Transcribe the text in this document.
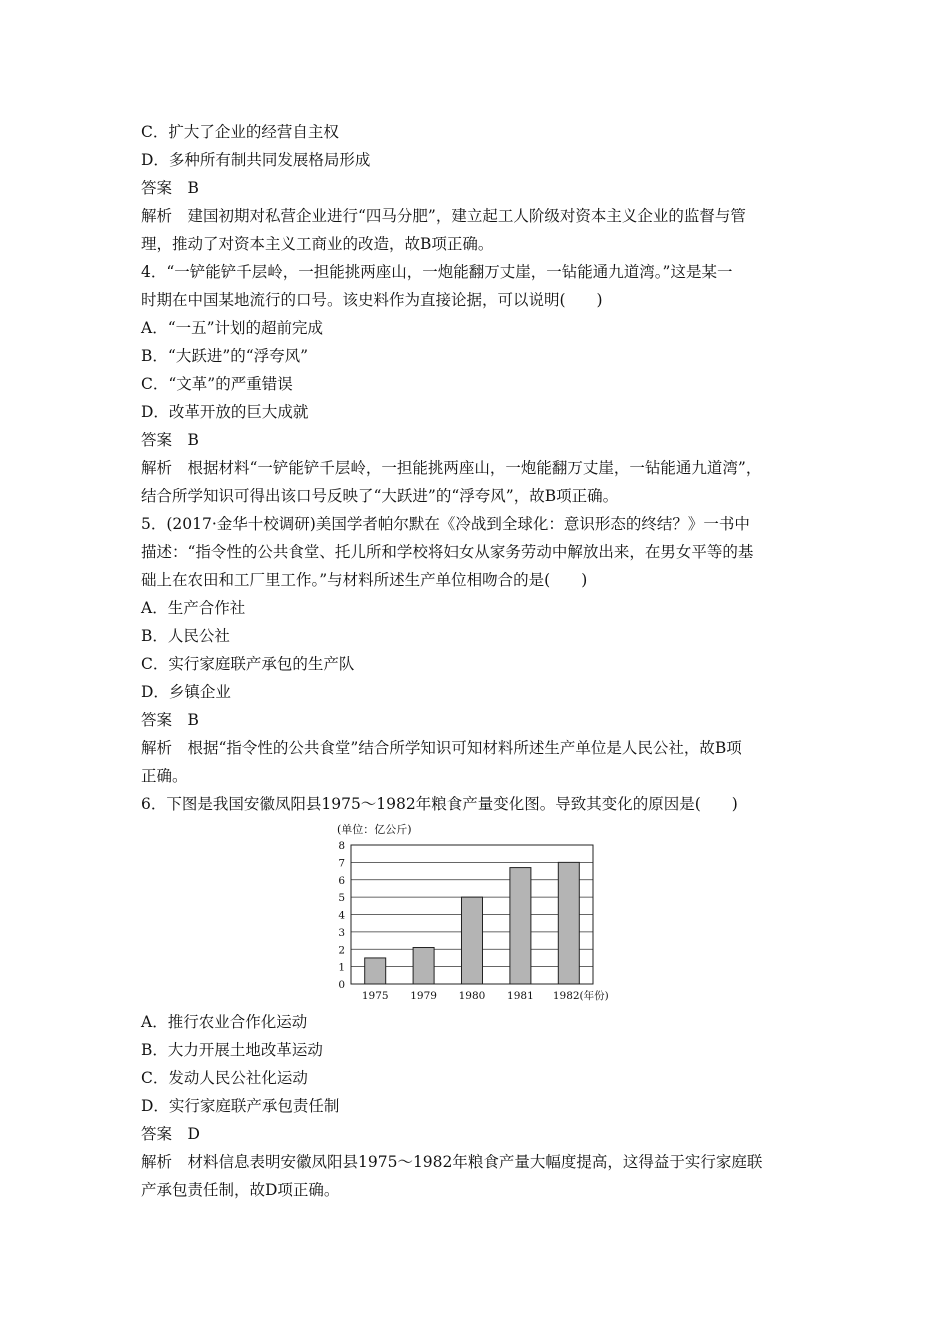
C．扩大了企业的经营自主权
D．多种所有制共同发展格局形成
答案　B
解析　建国初期对私营企业进行“四马分肥”，建立起工人阶级对资本主义企业的监督与管
理，推动了对资本主义工商业的改造，故B项正确。
4．“一铲能铲千层岭，一担能挑两座山，一炮能翻万丈崖，一钻能通九道湾。”这是某一
时期在中国某地流行的口号。该史料作为直接论据，可以说明(　　)
A．“一五”计划的超前完成
B．“大跃进”的“浮夸风”
C．“文革”的严重错误
D．改革开放的巨大成就
答案　B
解析　根据材料“一铲能铲千层岭，一担能挑两座山，一炮能翻万丈崖，一钻能通九道湾”，
结合所学知识可得出该口号反映了“大跃进”的“浮夸风”，故B项正确。
5．(2017·金华十校调研)美国学者帕尔默在《冷战到全球化：意识形态的终结？》一书中
描述：“指令性的公共食堂、托儿所和学校将妇女从家务劳动中解放出来，在男女平等的基
础上在农田和工厂里工作。”与材料所述生产单位相吻合的是(　　)
A．生产合作社
B．人民公社
C．实行家庭联产承包的生产队
D．乡镇企业
答案　B
解析　根据“指令性的公共食堂”结合所学知识可知材料所述生产单位是人民公社，故B项
正确。
6．下图是我国安徽凤阳县1975～1982年粮食产量变化图。导致其变化的原因是(　　)
(单位：亿公斤)
0
1
2
3
4
5
6
7
8
1975 1979 1980 1981 1982(年份)
A．推行农业合作化运动
B．大力开展土地改革运动
C．发动人民公社化运动
D．实行家庭联产承包责任制
答案　D
解析　材料信息表明安徽凤阳县1975～1982年粮食产量大幅度提高，这得益于实行家庭联
产承包责任制，故D项正确。
